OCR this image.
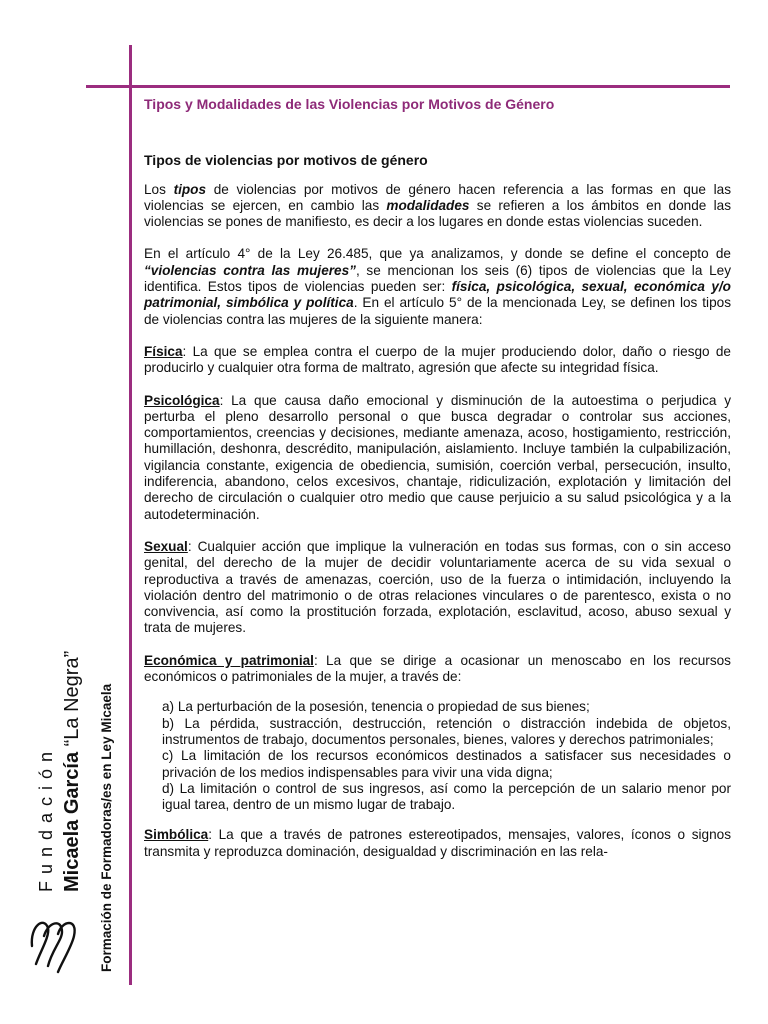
Fundación Micaela García “La Negra” Formación de Formadoras/es en Ley Micaela
Tipos y Modalidades de las Violencias por Motivos de Género
Tipos de violencias por motivos de género

Los tipos de violencias por motivos de género hacen referencia a las formas en que las violencias se ejercen, en cambio las modalidades se refieren a los ámbitos en donde las violencias se pones de manifiesto, es decir a los lugares en donde estas violencias suceden.

En el artículo 4° de la Ley 26.485, que ya analizamos, y donde se define el concepto de “violencias contra las mujeres”, se mencionan los seis (6) tipos de violencias que la Ley identifica. Estos tipos de violencias pueden ser: física, psicológica, sexual, económica y/o patrimonial, simbólica y política. En el artículo 5° de la mencionada Ley, se definen los tipos de violencias contra las mujeres de la siguiente manera:

Física: La que se emplea contra el cuerpo de la mujer produciendo dolor, daño o riesgo de producirlo y cualquier otra forma de maltrato, agresión que afecte su integridad física.

Psicológica: La que causa daño emocional y disminución de la autoestima o perjudica y perturba el pleno desarrollo personal o que busca degradar o controlar sus acciones, comportamientos, creencias y decisiones, mediante amenaza, acoso, hostigamiento, restricción, humillación, deshonra, descrédito, manipulación, aislamiento. Incluye también la culpabilización, vigilancia constante, exigencia de obediencia, sumisión, coerción verbal, persecución, insulto, indiferencia, abandono, celos excesivos, chantaje, ridiculización, explotación y limitación del derecho de circulación o cualquier otro medio que cause perjuicio a su salud psicológica y a la autodeterminación.

Sexual: Cualquier acción que implique la vulneración en todas sus formas, con o sin acceso genital, del derecho de la mujer de decidir voluntariamente acerca de su vida sexual o reproductiva a través de amenazas, coerción, uso de la fuerza o intimidación, incluyendo la violación dentro del matrimonio o de otras relaciones vinculares o de parentesco, exista o no convivencia, así como la prostitución forzada, explotación, esclavitud, acoso, abuso sexual y trata de mujeres.

Económica y patrimonial: La que se dirige a ocasionar un menoscabo en los recursos económicos o patrimoniales de la mujer, a través de:

a) La perturbación de la posesión, tenencia o propiedad de sus bienes;
b) La pérdida, sustracción, destrucción, retención o distracción indebida de objetos, instrumentos de trabajo, documentos personales, bienes, valores y derechos patrimoniales;
c) La limitación de los recursos económicos destinados a satisfacer sus necesidades o privación de los medios indispensables para vivir una vida digna;
d) La limitación o control de sus ingresos, así como la percepción de un salario menor por igual tarea, dentro de un mismo lugar de trabajo.

Simbólica: La que a través de patrones estereotipados, mensajes, valores, íconos o signos transmita y reproduzca dominación, desigualdad y discriminación en las rela-
